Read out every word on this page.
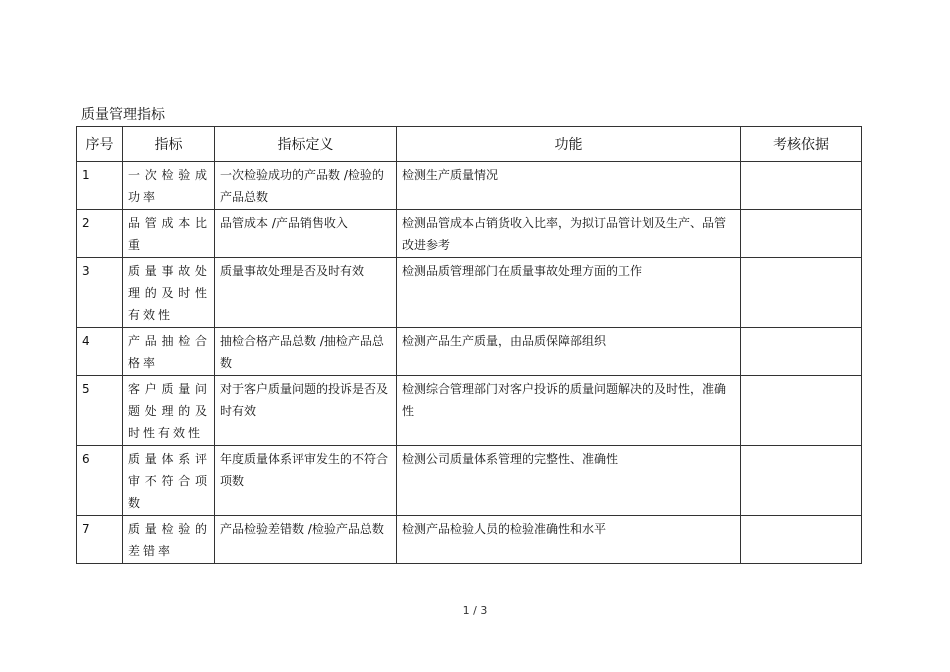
质量管理指标
序号	指标	指标定义	功能	考核依据
1	一次检验成功率	一次检验成功的产品数 /检验的产品总数	检测生产质量情况	
2	品管成本比重	品管成本 /产品销售收入	检测品管成本占销货收入比率，为拟订品管计划及生产、品管改进参考	
3	质量事故处理的及时性有效性	质量事故处理是否及时有效	检测品质管理部门在质量事故处理方面的工作	
4	产品抽检合格率	抽检合格产品总数 /抽检产品总数	检测产品生产质量，由品质保障部组织	
5	客户质量问题处理的及时性有效性	对于客户质量问题的投诉是否及时有效	检测综合管理部门对客户投诉的质量问题解决的及时性，准确性	
6	质量体系评审不符合项数	年度质量体系评审发生的不符合项数	检测公司质量体系管理的完整性、准确性	
7	质量检验的差错率	产品检验差错数 /检验产品总数	检测产品检验人员的检验准确性和水平	
1 / 3
